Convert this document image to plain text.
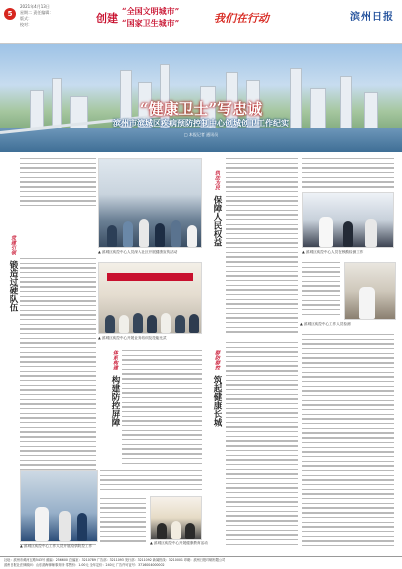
5
2021年4月13日
星期二 责任编辑：
版式：
校对：	创建
“全国文明城市”
“国家卫生城市”	我们在行动	滨州日报
“健康卫士”写忠诚
滨州市滨城区疾病预防控制中心创城创卫工作纪实
□ 本报记者 通讯员
党建引领 锻造过硬队伍
▲ 滨城区疾控中心人员深入社区开展健康宣传活动
▲ 滨城区疾控中心开展业务培训及技能比武
体系构建 构建防控屏障
▲ 滨城区疾控中心工作人员开展疫情防控工作
▲ 滨城区疾控中心开展健康教育活动
执法为民 保障人民权益
▲ 滨城区疾控中心人员在核酸检测工作
▲ 滨城区疾控中心工作人员检测
群防群控 筑起健康长城
社址：滨州市黄河五路543号 邮编：256600 总编室：3210789 广告部：3211093 发行部：3211092 新闻热线：3210001 印刷：滨州日报印刷有限公司
滨州日报社法律顾问：山东渤海律师事务所 零售价：1.00元 全年定价：240元 广告许可证号：3716004000002
